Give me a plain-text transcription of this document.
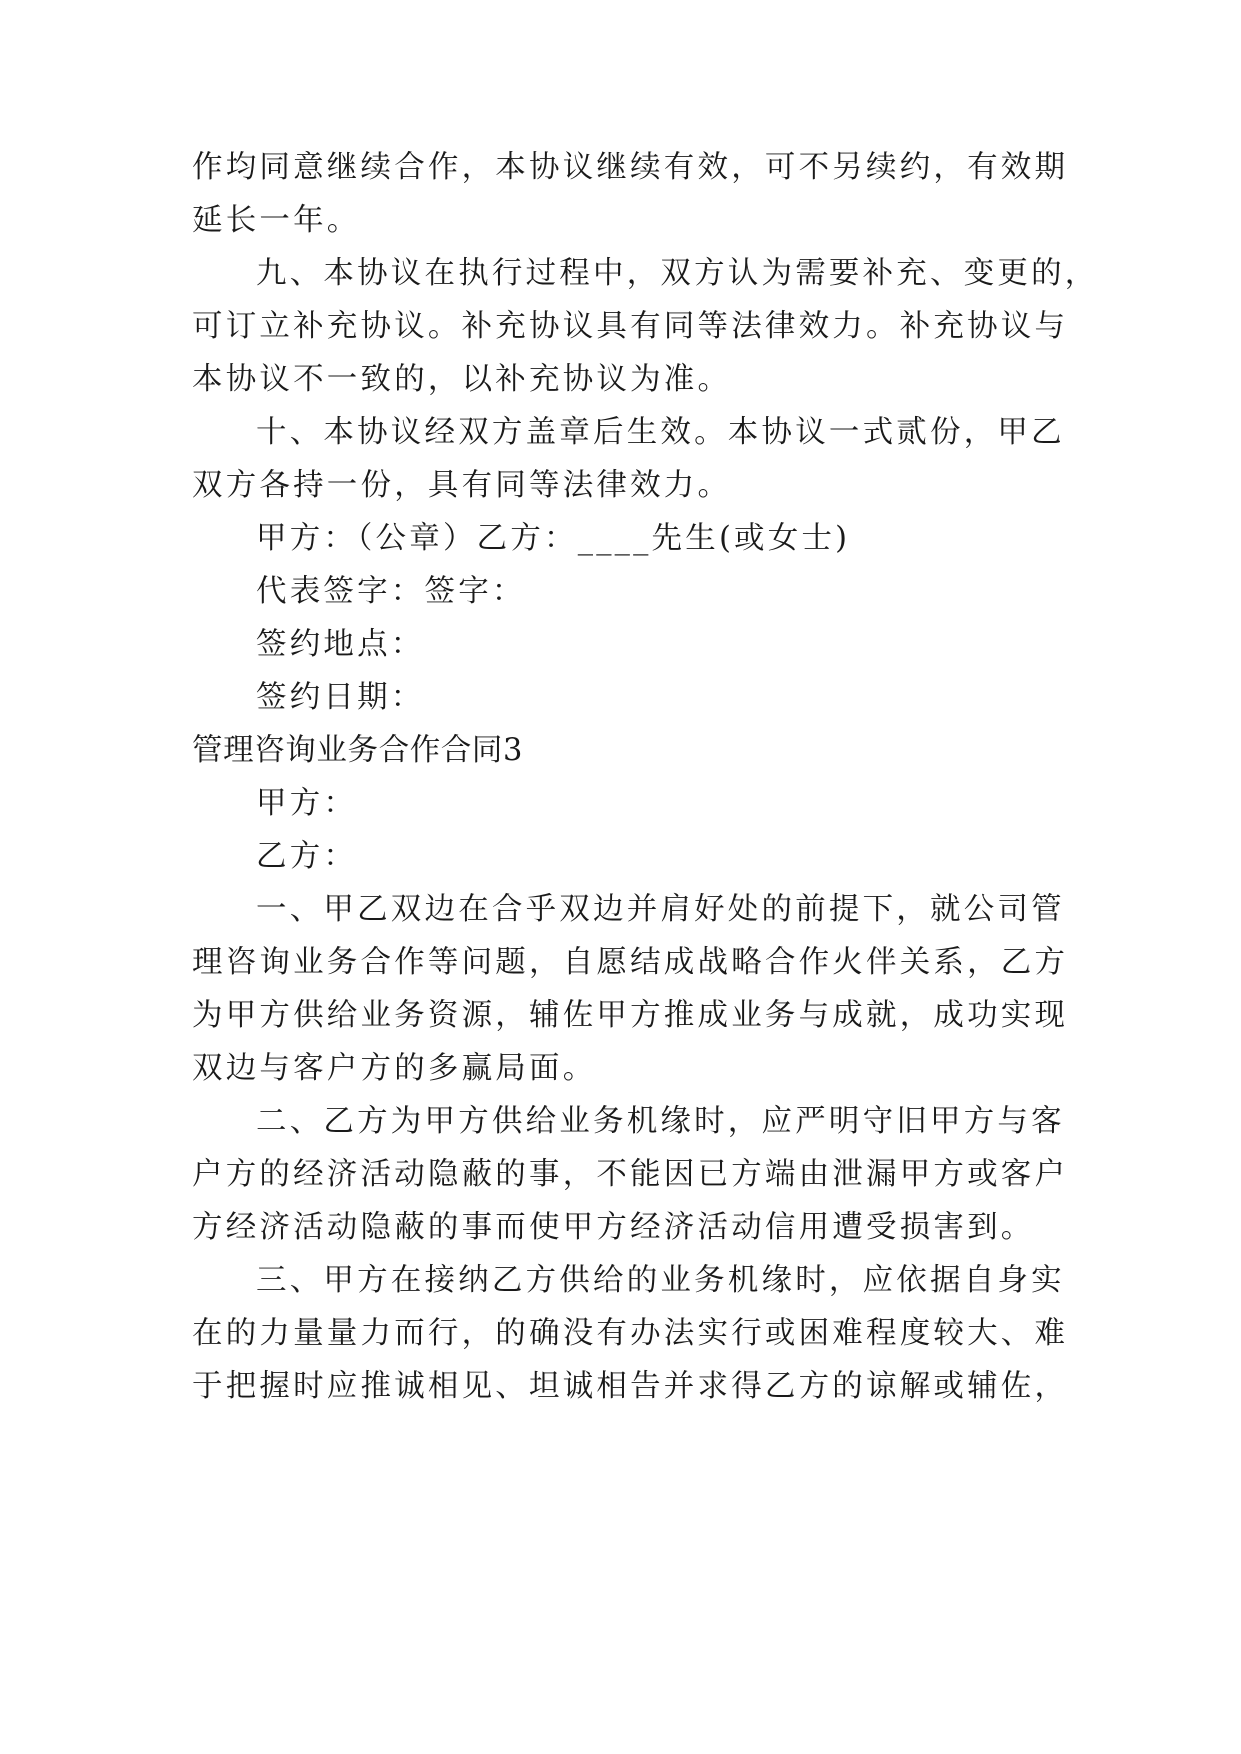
作均同意继续合作，本协议继续有效，可不另续约，有效期
延长一年。
九、本协议在执行过程中，双方认为需要补充、变更的，
可订立补充协议。补充协议具有同等法律效力。补充协议与
本协议不一致的，以补充协议为准。
十、本协议经双方盖章后生效。本协议一式贰份，甲乙
双方各持一份，具有同等法律效力。
甲方：（公章）乙方：____先生(或女士)
代表签字：签字：
签约地点：
签约日期：
管理咨询业务合作合同3
甲方：
乙方：
一、甲乙双边在合乎双边并肩好处的前提下，就公司管
理咨询业务合作等问题，自愿结成战略合作火伴关系，乙方
为甲方供给业务资源，辅佐甲方推成业务与成就，成功实现
双边与客户方的多赢局面。
二、乙方为甲方供给业务机缘时，应严明守旧甲方与客
户方的经济活动隐蔽的事，不能因已方端由泄漏甲方或客户
方经济活动隐蔽的事而使甲方经济活动信用遭受损害到。
三、甲方在接纳乙方供给的业务机缘时，应依据自身实
在的力量量力而行，的确没有办法实行或困难程度较大、难
于把握时应推诚相见、坦诚相告并求得乙方的谅解或辅佐，
